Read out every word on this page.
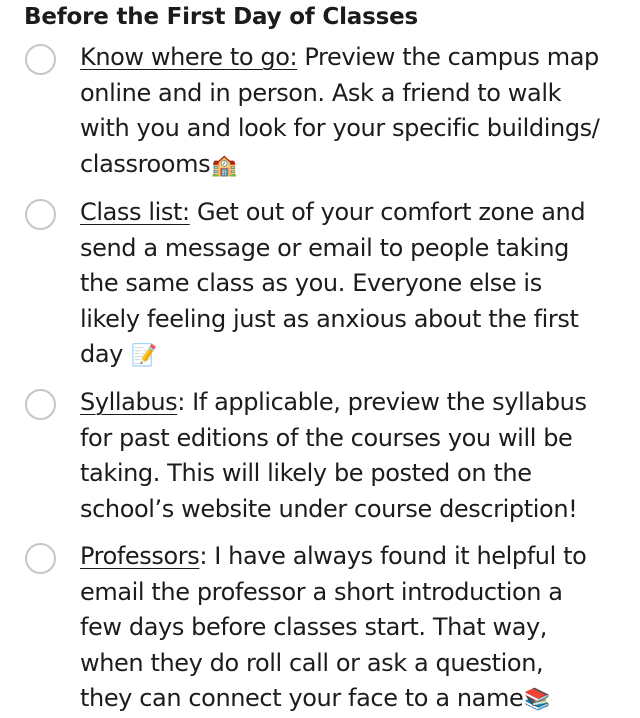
Before the First Day of Classes
Know where to go: Preview the campus map
online and in person. Ask a friend to walk
with you and look for your specific buildings/
classrooms🏫
Class list: Get out of your comfort zone and
send a message or email to people taking
the same class as you. Everyone else is
likely feeling just as anxious about the first
day 📝
Syllabus: If applicable, preview the syllabus
for past editions of the courses you will be
taking. This will likely be posted on the
school’s website under course description!
Professors: I have always found it helpful to
email the professor a short introduction a
few days before classes start. That way,
when they do roll call or ask a question,
they can connect your face to a name📚
